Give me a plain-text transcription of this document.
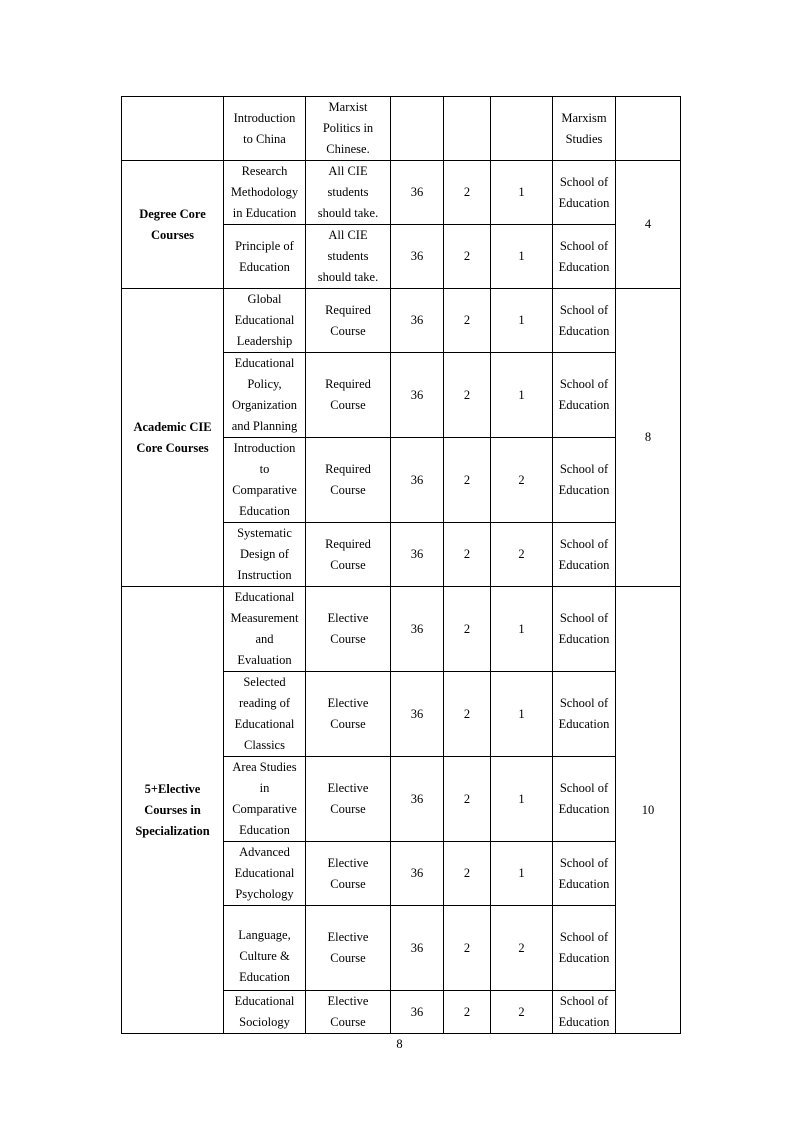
	Introduction
to China	Marxist
Politics in
Chinese.				Marxism
Studies	
Degree Core
Courses	Research
Methodology
in Education	All CIE
students
should take.	36	2	1	School of
Education	4
	Principle of
Education	All CIE
students
should take.	36	2	1	School of
Education	
Academic CIE
Core Courses	Global
Educational
Leadership	Required
Course	36	2	1	School of
Education	8
	Educational
Policy,
Organization
and Planning	Required
Course	36	2	1	School of
Education	
	Introduction
to
Comparative
Education	Required
Course	36	2	2	School of
Education	
	Systematic
Design of
Instruction	Required
Course	36	2	2	School of
Education	
5+Elective
Courses in
Specialization	Educational
Measurement
and
Evaluation	Elective
Course	36	2	1	School of
Education	10
	Selected
reading of
Educational
Classics	Elective
Course	36	2	1	School of
Education	
	Area Studies
in
Comparative
Education	Elective
Course	36	2	1	School of
Education	
	Advanced
Educational
Psychology	Elective
Course	36	2	1	School of
Education	
	Language,
Culture &
Education	Elective
Course	36	2	2	School of
Education	
	Educational
Sociology	Elective
Course	36	2	2	School of
Education	
8
